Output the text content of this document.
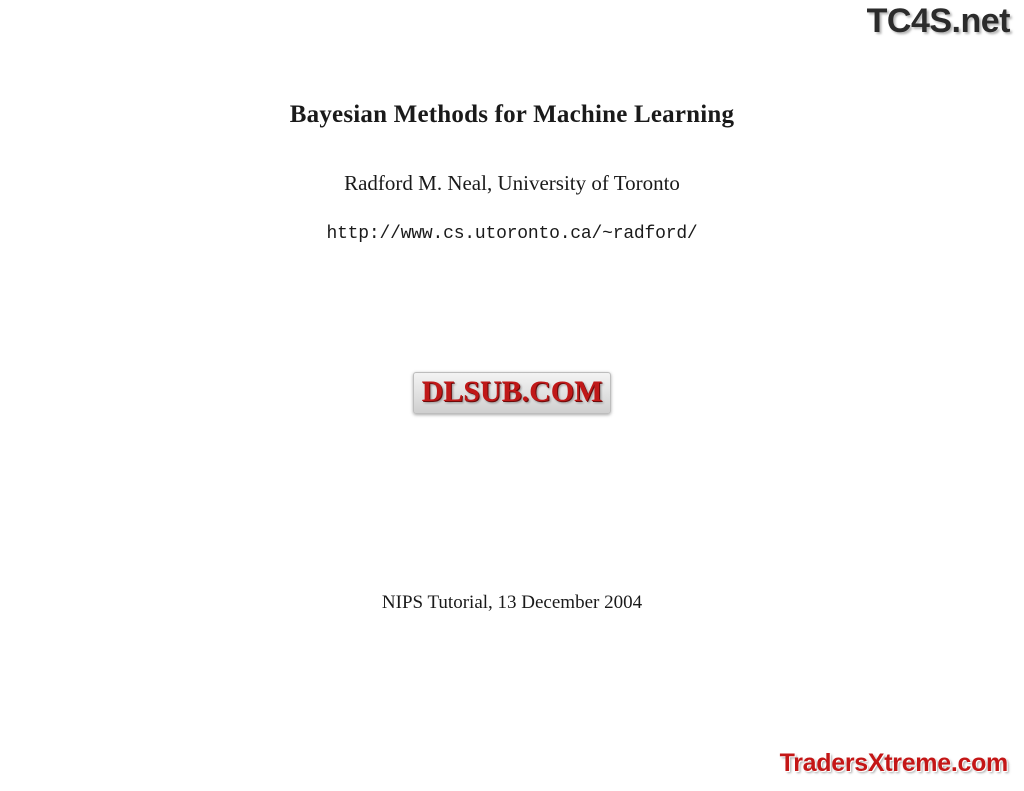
TC4S.net
Bayesian Methods for Machine Learning
Radford M. Neal, University of Toronto
http://www.cs.utoronto.ca/~radford/
DLSUB.COM
NIPS Tutorial, 13 December 2004
TradersXtreme.com
